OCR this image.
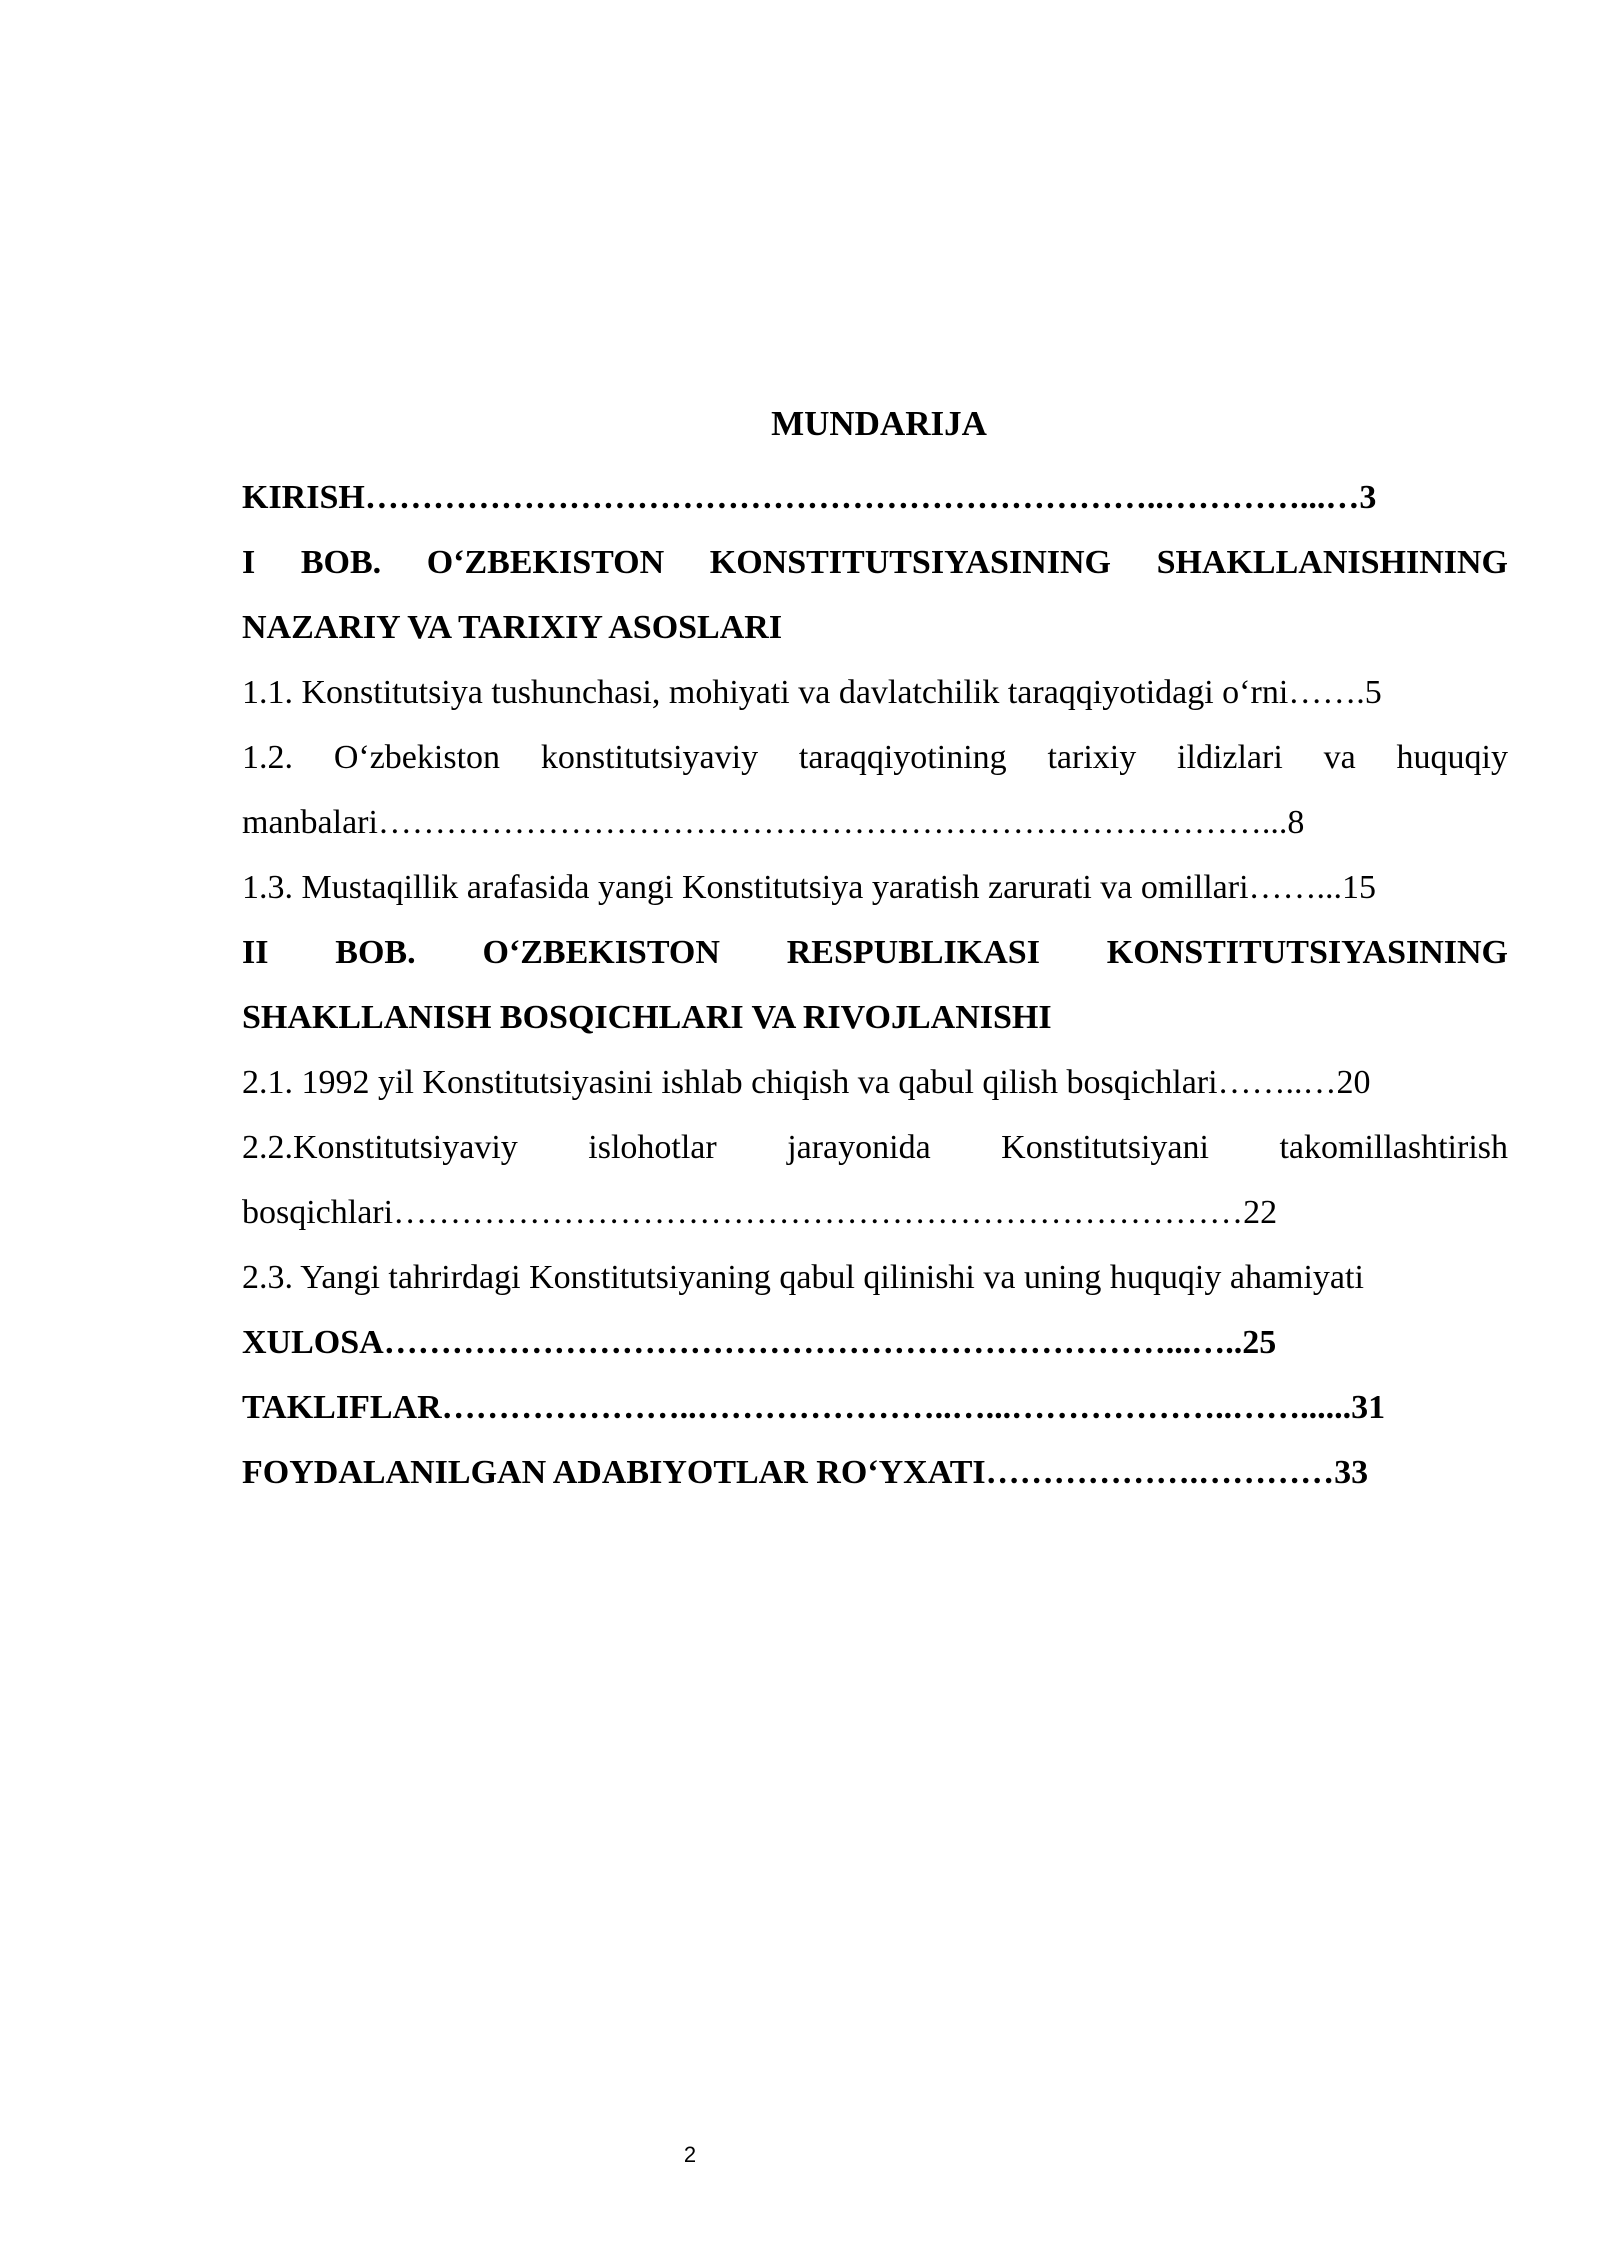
MUNDARIJA
KIRISH……………………………………………………………..…………...…3
I BOB. O‘ZBEKISTON KONSTITUTSIYASINING SHAKLLANISHINING
NAZARIY VA TARIXIY ASOSLARI
1.1. Konstitutsiya tushunchasi, mohiyati va davlatchilik taraqqiyotidagi o‘rni…….5
1.2. O‘zbekiston konstitutsiyaviy taraqqiyotining tarixiy ildizlari va huquqiy
manbalari……………………………………………………………………...8
1.3. Mustaqillik arafasida yangi Konstitutsiya yaratish zarurati va omillari……...15
II BOB. O‘ZBEKISTON RESPUBLIKASI KONSTITUTSIYASINING
SHAKLLANISH BOSQICHLARI VA RIVOJLANISHI
2.1. 1992 yil Konstitutsiyasini ishlab chiqish va qabul qilish bosqichlari……..…20
2.2.Konstitutsiyaviy islohotlar jarayonida Konstitutsiyani takomillashtirish
bosqichlari…………………………………………………………………22
2.3. Yangi tahrirdagi Konstitutsiyaning qabul qilinishi va uning huquqiy ahamiyati
XULOSA……………………………………………………………...…..25
TAKLIFLAR…………………..…………………..…...………………..……......31
FOYDALANILGAN ADABIYOTLAR RO‘YXATI……………….…………33
2
